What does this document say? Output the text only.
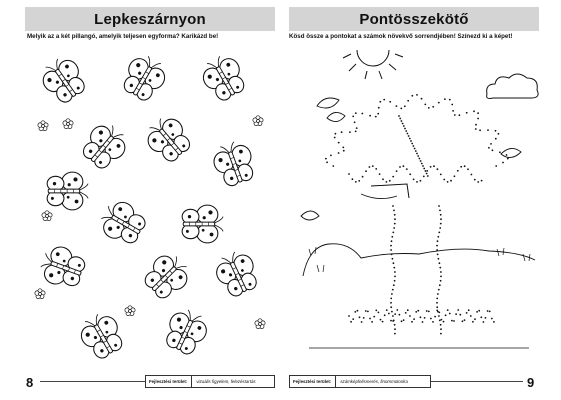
Lepkeszárnyon
Melyik az a két pillangó, amelyik teljesen egyforma? Karikázd be!
8	Fejlesztési terület:	vizuális figyelem, felezéstartás
Pontösszekötő
Kösd össze a pontokat a számok növekvő sorrendjében! Színezd ki a képet!
9
Fejlesztési terület:	számképfelismerés, finommotorika
